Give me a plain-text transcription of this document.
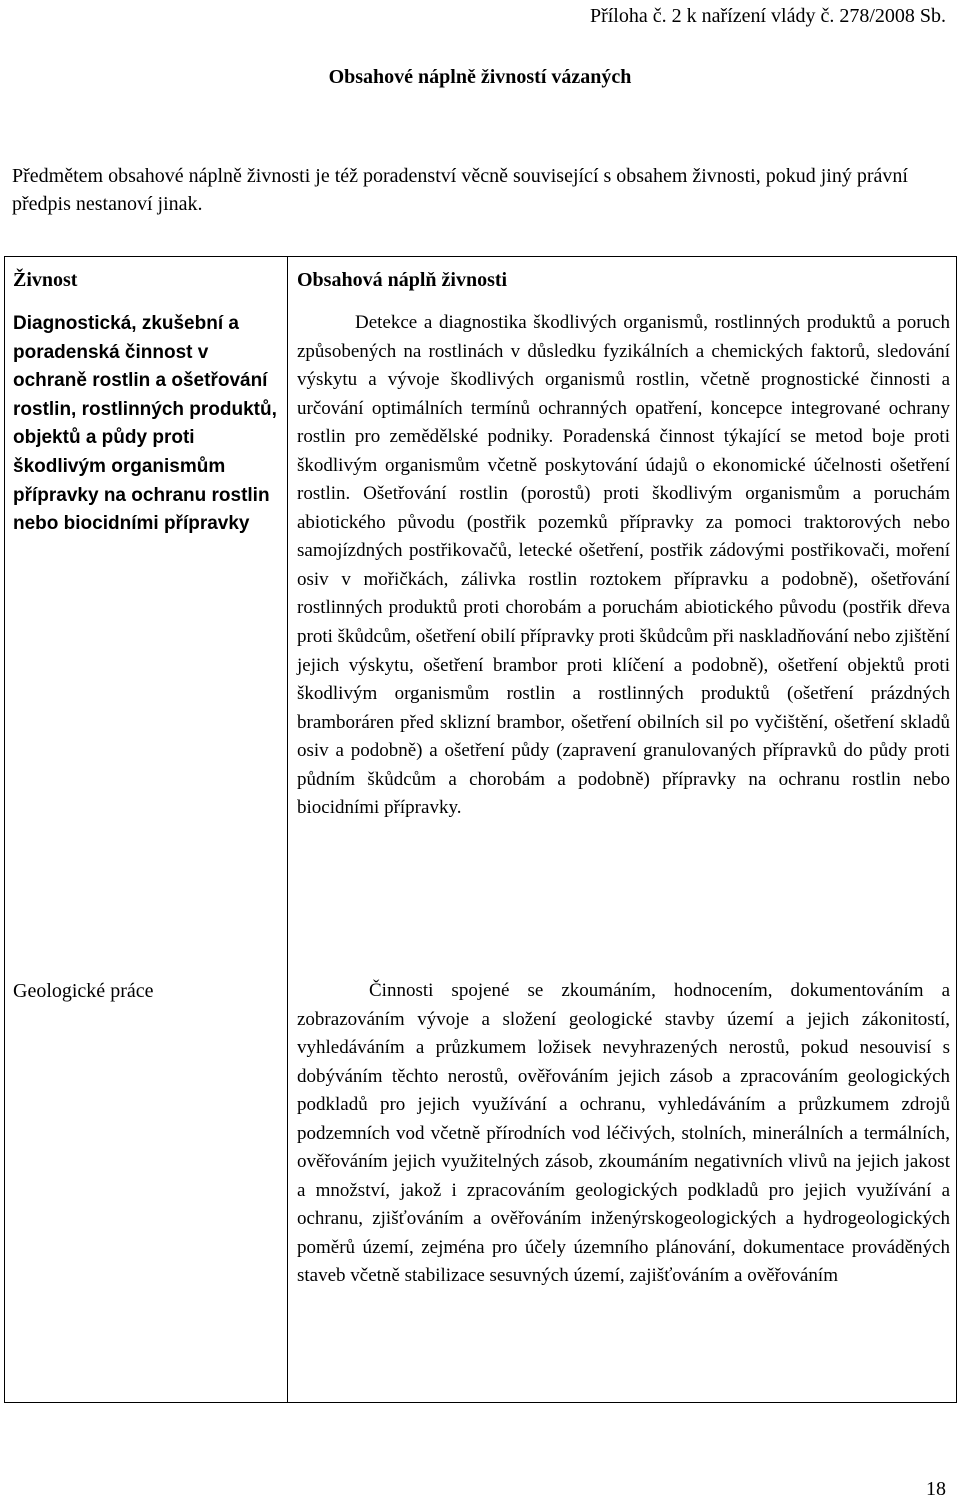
Příloha č. 2 k nařízení vlády č. 278/2008 Sb.
Obsahové náplně živností vázaných
Předmětem obsahové náplně živnosti je též poradenství věcně související s obsahem živnosti, pokud jiný právní předpis nestanoví jinak.
Živnost	Obsahová náplň živnosti
Diagnostická, zkušební a poradenská činnost v ochraně rostlin a ošetřování rostlin, rostlinných produktů, objektů a půdy proti škodlivým organismům přípravky na ochranu rostlin nebo biocidními přípravky
Detekce a diagnostika škodlivých organismů, rostlinných produktů a poruch způsobených na rostlinách v důsledku fyzikálních a chemických faktorů, sledování výskytu a vývoje škodlivých organismů rostlin, včetně prognostické činnosti a určování optimálních termínů ochranných opatření, koncepce integrované ochrany rostlin pro zemědělské podniky. Poradenská činnost týkající se metod boje proti škodlivým organismům včetně poskytování údajů o ekonomické účelnosti ošetření rostlin. Ošetřování rostlin (porostů) proti škodlivým organismům a poruchám abiotického původu (postřik pozemků přípravky za pomoci traktorových nebo samojízdných postřikovačů, letecké ošetření, postřik zádovými postřikovači, moření osiv v mořičkách, zálivka rostlin roztokem přípravku a podobně), ošetřování rostlinných produktů proti chorobám a poruchám abiotického původu (postřik dřeva proti škůdcům, ošetření obilí přípravky proti škůdcům při naskladňování nebo zjištění jejich výskytu, ošetření brambor proti klíčení a podobně), ošetření objektů proti škodlivým organismům rostlin a rostlinných produktů (ošetření prázdných bramboráren před sklizní brambor, ošetření obilních sil po vyčištění, ošetření skladů osiv a podobně) a ošetření půdy (zapravení granulovaných přípravků do půdy proti půdním škůdcům a chorobám a podobně) přípravky na ochranu rostlin nebo biocidními přípravky.
Geologické práce	Činnosti spojené se zkoumáním, hodnocením, dokumentováním a zobrazováním vývoje a složení geologické stavby území a jejich zákonitostí, vyhledáváním a průzkumem ložisek nevyhrazených nerostů, pokud nesouvisí s dobýváním těchto nerostů, ověřováním jejich zásob a zpracováním geologických podkladů pro jejich využívání a ochranu, vyhledáváním a průzkumem zdrojů podzemních vod včetně přírodních vod léčivých, stolních, minerálních a termálních, ověřováním jejich využitelných zásob, zkoumáním negativních vlivů na jejich jakost a množství, jakož i zpracováním geologických podkladů pro jejich využívání a ochranu, zjišťováním a ověřováním inženýrskogeologických a hydrogeologických poměrů území, zejména pro účely územního plánování, dokumentace prováděných staveb včetně stabilizace sesuvných území, zajišťováním a ověřováním
18
